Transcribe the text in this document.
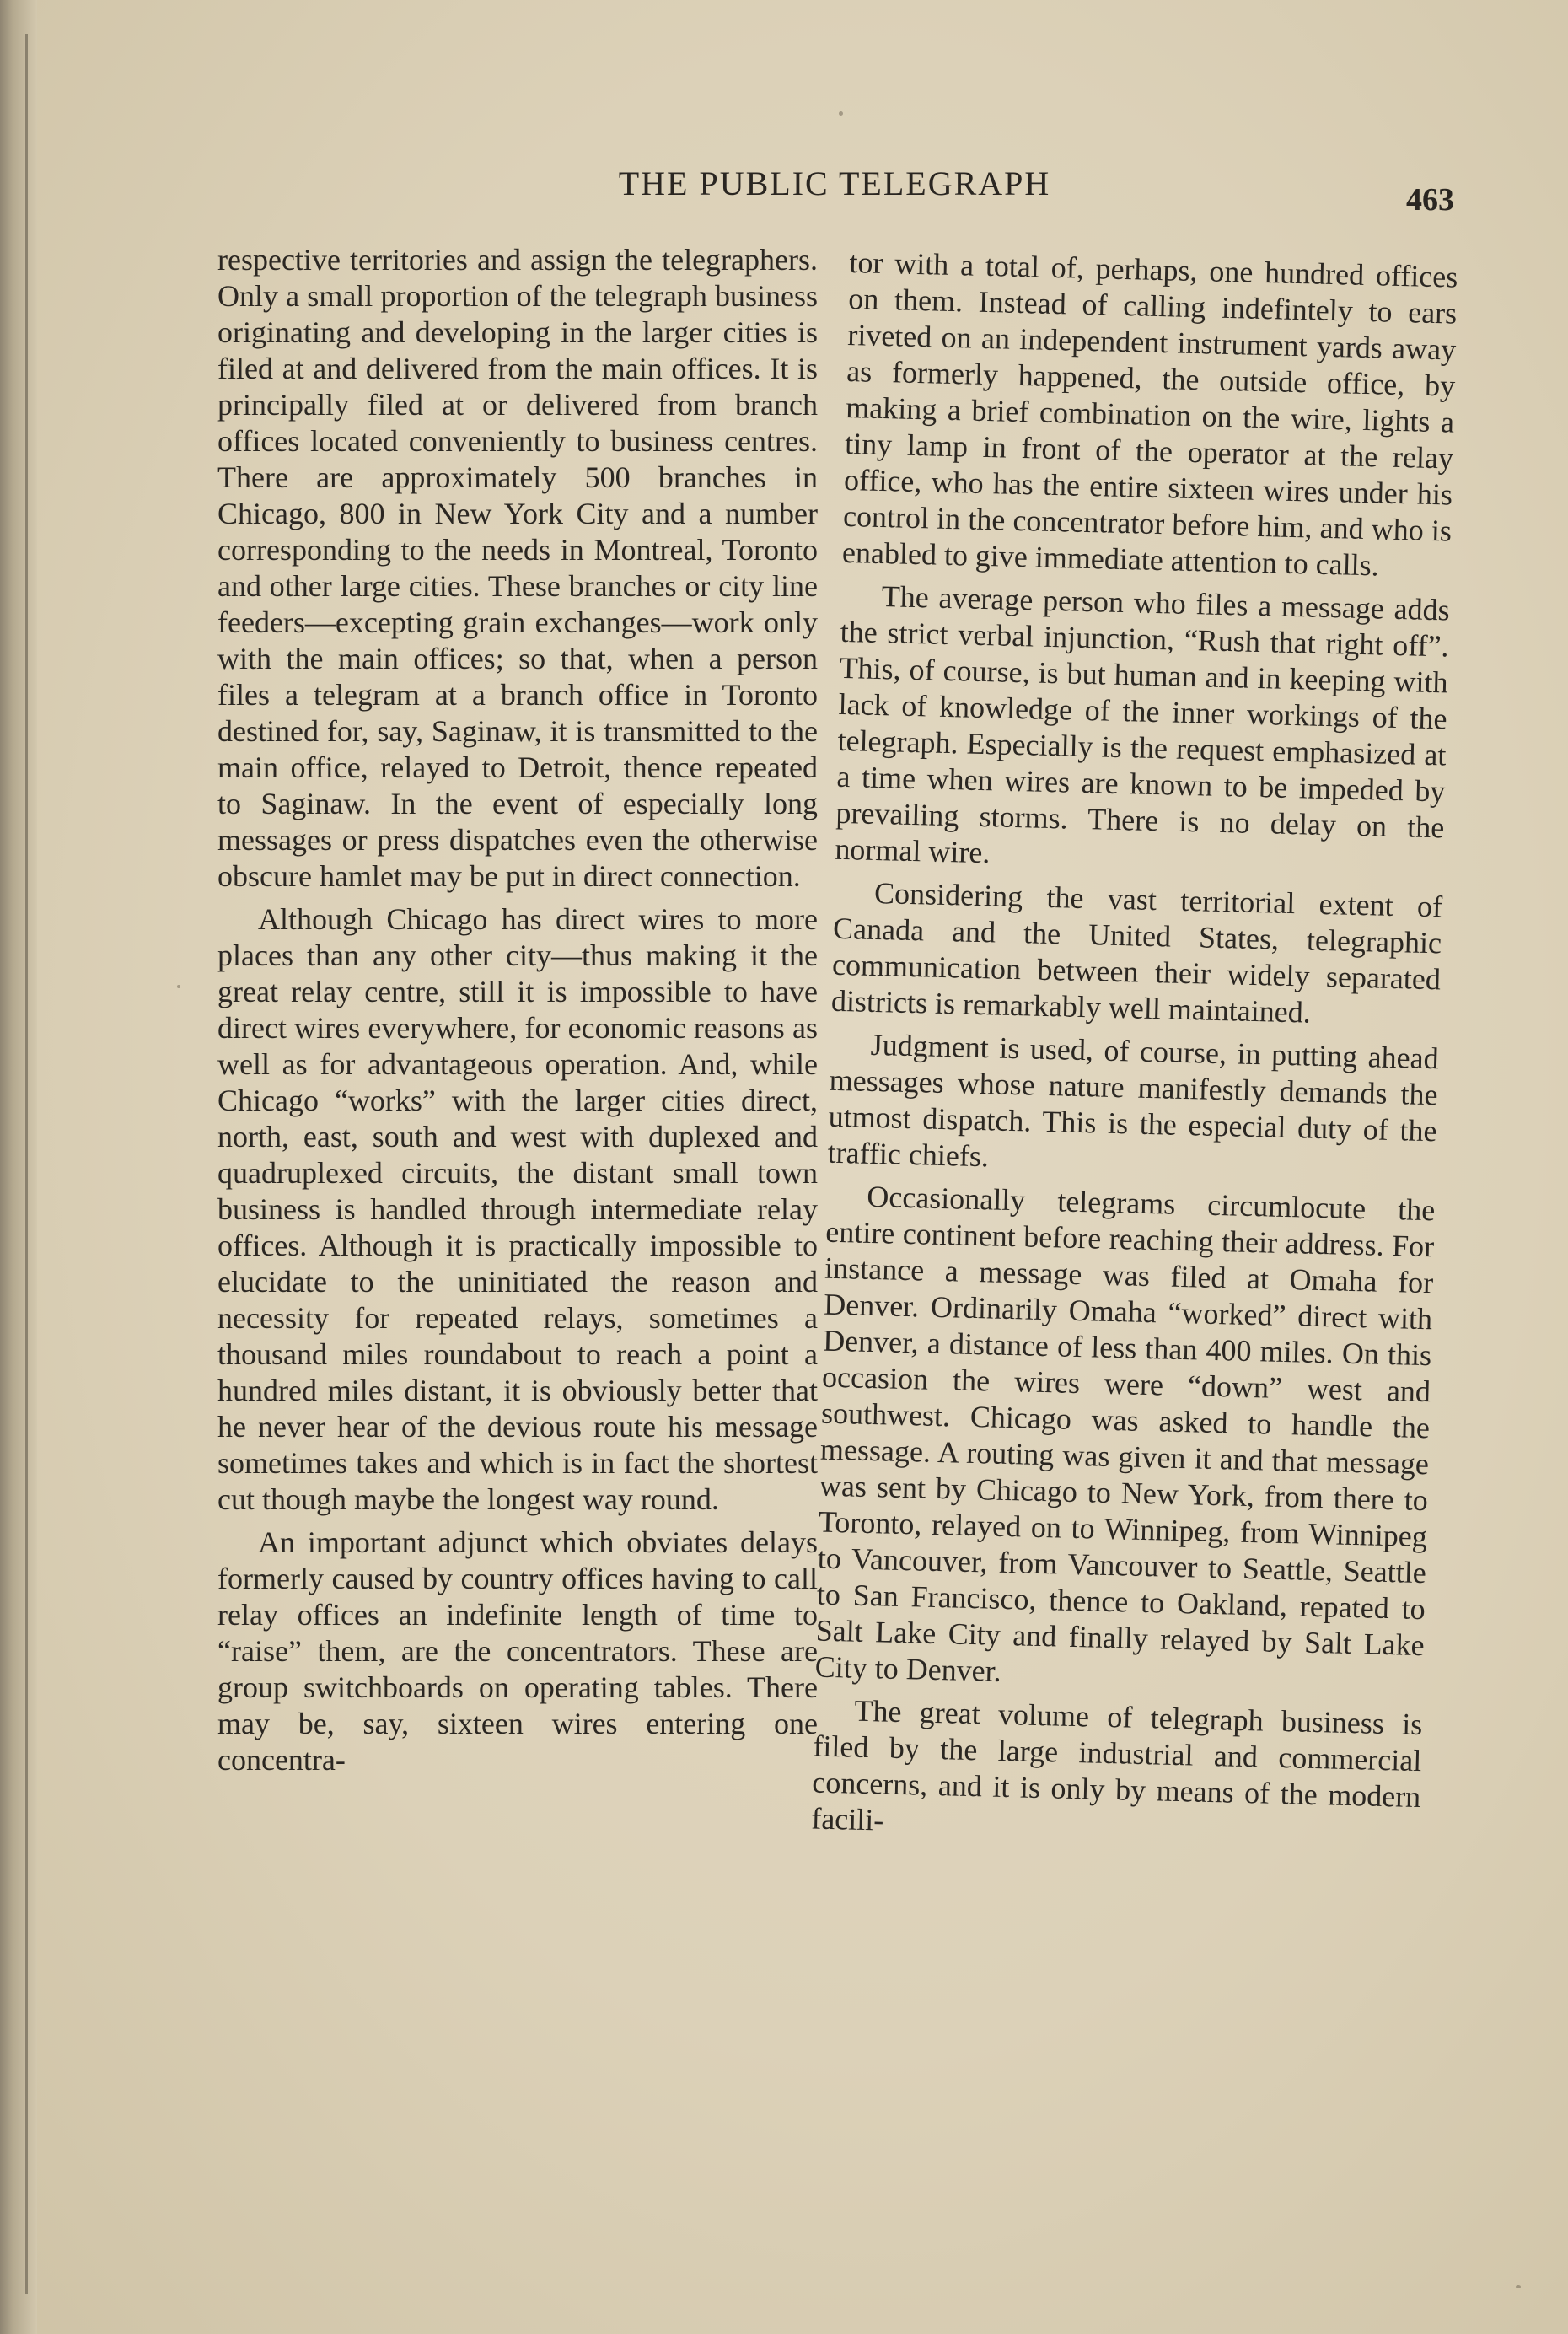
THE PUBLIC TELEGRAPH	463

respective territories and assign the telegraphers. Only a small proportion of the telegraph business originating and developing in the larger cities is filed at and delivered from the main offices. It is principally filed at or delivered from branch offices located conveniently to business centres. There are approximately 500 branches in Chicago, 800 in New York City and a number corresponding to the needs in Montreal, Toronto and other large cities. These branches or city line feeders—excepting grain exchanges—work only with the main offices; so that, when a person files a telegram at a branch office in Toronto destined for, say, Saginaw, it is transmitted to the main office, relayed to Detroit, thence repeated to Saginaw. In the event of especially long messages or press dispatches even the otherwise obscure hamlet may be put in direct connection.

Although Chicago has direct wires to more places than any other city—thus making it the great relay centre, still it is impossible to have direct wires everywhere, for economic reasons as well as for advantageous operation. And, while Chicago “works” with the larger cities direct, north, east, south and west with duplexed and quadruplexed circuits, the distant small town business is handled through intermediate relay offices. Although it is practically impossible to elucidate to the uninitiated the reason and necessity for repeated relays, sometimes a thousand miles roundabout to reach a point a hundred miles distant, it is obviously better that he never hear of the devious route his message sometimes takes and which is in fact the shortest cut though maybe the longest way round.

An important adjunct which obviates delays formerly caused by country offices having to call relay offices an indefinite length of time to “raise” them, are the concentrators. These are group switchboards on operating tables. There may be, say, sixteen wires entering one concentra-

tor with a total of, perhaps, one hundred offices on them. Instead of calling indefintely to ears riveted on an independent instrument yards away as formerly happened, the outside office, by making a brief combination on the wire, lights a tiny lamp in front of the operator at the relay office, who has the entire sixteen wires under his control in the concentrator before him, and who is enabled to give immediate attention to calls.

The average person who files a message adds the strict verbal injunction, “Rush that right off”. This, of course, is but human and in keeping with lack of knowledge of the inner workings of the telegraph. Especially is the request emphasized at a time when wires are known to be impeded by prevailing storms. There is no delay on the normal wire.

Considering the vast territorial extent of Canada and the United States, telegraphic communication between their widely separated districts is remarkably well maintained.

Judgment is used, of course, in putting ahead messages whose nature manifestly demands the utmost dispatch. This is the especial duty of the traffic chiefs.

Occasionally telegrams circumlocute the entire continent before reaching their address. For instance a message was filed at Omaha for Denver. Ordinarily Omaha “worked” direct with Denver, a distance of less than 400 miles. On this occasion the wires were “down” west and southwest. Chicago was asked to handle the message. A routing was given it and that message was sent by Chicago to New York, from there to Toronto, relayed on to Winnipeg, from Winnipeg to Vancouver, from Vancouver to Seattle, Seattle to San Francisco, thence to Oakland, repated to Salt Lake City and finally relayed by Salt Lake City to Denver.

The great volume of telegraph business is filed by the large industrial and commercial concerns, and it is only by means of the modern facili-
